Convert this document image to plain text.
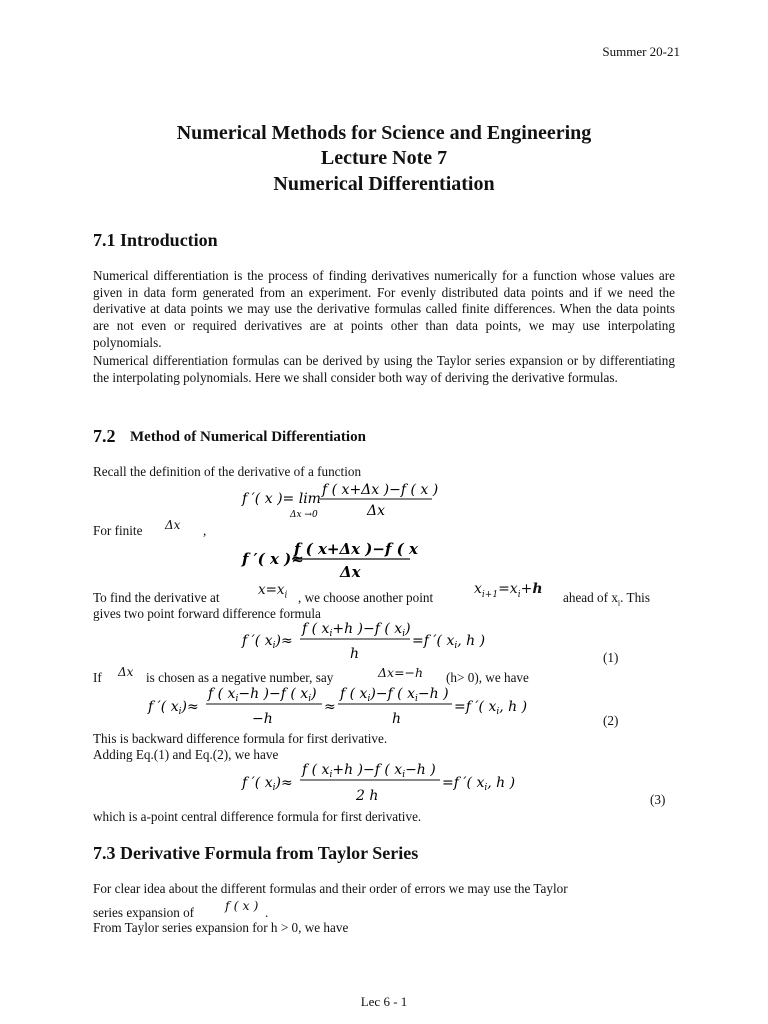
Summer 20-21
Numerical Methods for Science and Engineering
Lecture Note 7
Numerical Differentiation
7.1 Introduction
Numerical differentiation is the process of finding derivatives numerically for a function whose values are given in data form generated from an experiment. For evenly distributed data points and if we need the derivative at data points we may use the derivative formulas called finite differences. When the data points are not even or required derivatives are at points other than data points, we may use interpolating polynomials.
Numerical differentiation formulas can be derived by using the Taylor series expansion or by differentiating the interpolating polynomials. Here we shall consider both way of deriving the derivative formulas.
7.2 Method of Numerical Differentiation
Recall the definition of the derivative of a function
f ′( x )= lim
Δx →0
f ( x+Δx )−f ( x )
Δx
For finite Δx ,
f ′( x )≈
f ( x+Δx )−f ( x )
Δx
To find the derivative at	$x=x_i$ , we choose another point
$x_{i+1}=x_i+h$
ahead of $x_i$. This
gives two point forward difference formula
f ′( $x_i)\approx$
f ( $x_i+h$ )−f ( $x_i$)
h
=f ′( $x_i$, h )
(1)
If Δx is chosen as a negative number, say	Δx=−h (h> 0), we have
f ′( $x_i)\approx$
f ( $x_i-h$ )−f ( $x_i$)
−h
≈
f ( $x_i)-f$ ( $x_i-h$ )
h
=f ′( $x_i$, h )
(2)
This is backward difference formula for first derivative.
Adding Eq.(1) and Eq.(2), we have
f ′( $x_i)\approx$
f ( $x_i+h$ )−f ( $x_i-h$ )
2 h
=f ′( $x_i$, h )
(3)
which is a-point central difference formula for first derivative.
7.3 Derivative Formula from Taylor Series
For clear idea about the different formulas and their order of errors we may use the Taylor
series expansion of f ( x ) .
From Taylor series expansion for h > 0, we have
Lec 6 - 1
